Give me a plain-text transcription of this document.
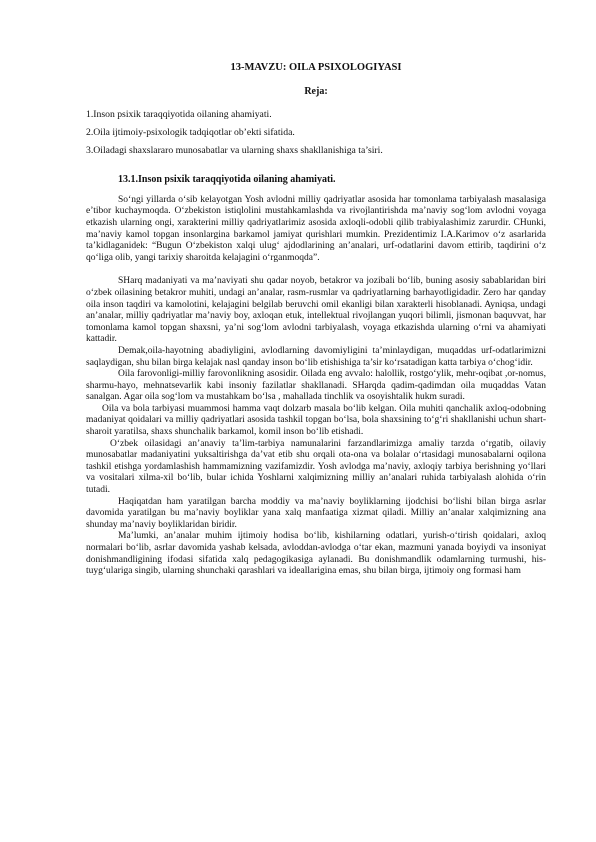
13-MAVZU: OILA PSIXOLOGIYASI
Reja:
1.Inson psixik taraqqiyotida oilaning ahamiyati.
2.Oila ijtimoiy-psixologik tadqiqotlar ob’ekti sifatida.
3.Oiladagi shaxslararo munosabatlar va ularning shaxs shakllanishiga ta’siri.
13.1.Inson psixik taraqqiyotida oilaning ahamiyati.

So‘ngi yillarda o‘sib kelayotgan Yosh avlodni milliy qadriyatlar asosida har tomonlama tarbiyalash masalasiga e’tibor kuchaymoqda. O‘zbekiston istiqlolini mustahkamlashda va rivojlantirishda ma’naviy sog‘lom avlodni voyaga etkazish ularning ongi, xarakterini milliy qadriyatlarimiz asosida axloqli-odobli qilib trabiyalashimiz zarurdir. CHunki, ma’naviy kamol topgan insonlargina barkamol jamiyat qurishlari mumkin. Prezidentimiz I.A.Karimov o‘z asarlarida ta’kidlaganidek: “Bugun O‘zbekiston xalqi ulug‘ ajdodlarining an’analari, urf-odatlarini davom ettirib, taqdirini o‘z qo‘liga olib, yangi tarixiy sharoitda kelajagini o‘rganmoqda”.

SHarq madaniyati va ma’naviyati shu qadar noyob, betakror va jozibali bo‘lib, buning asosiy sabablaridan biri o‘zbek oilasining betakror muhiti, undagi an’analar, rasm-rusmlar va qadriyatlarning barhayotligidadir. Zero har qanday oila inson taqdiri va kamolotini, kelajagini belgilab beruvchi omil ekanligi bilan xarakterli hisoblanadi. Ayniqsa, undagi an’analar, milliy qadriyatlar ma’naviy boy, axloqan etuk, intellektual rivojlangan yuqori bilimli, jismonan baquvvat, har tomonlama kamol topgan shaxsni, ya’ni sog‘lom avlodni tarbiyalash, voyaga etkazishda ularning o‘rni va ahamiyati kattadir.

Demak,oila-hayotning abadiyligini, avlodlarning davomiyligini ta’minlaydigan, muqaddas urf-odatlarimizni saqlaydigan, shu bilan birga kelajak nasl qanday inson bo‘lib etishishiga ta’sir ko‘rsatadigan katta tarbiya o‘chog‘idir.

Oila farovonligi-milliy farovonlikning asosidir. Oilada eng avvalo: halollik, rostgo‘ylik, mehr-oqibat ,or-nomus, sharmu-hayo, mehnatsevarlik kabi insoniy fazilatlar shakllanadi. SHarqda qadim-qadimdan oila muqaddas Vatan sanalgan. Agar oila sog‘lom va mustahkam bo‘lsa , mahallada tinchlik va osoyishtalik hukm suradi.

Oila va bola tarbiyasi muammosi hamma vaqt dolzarb masala bo‘lib kelgan. Oila muhiti qanchalik axloq-odobning madaniyat qoidalari va milliy qadriyatlari asosida tashkil topgan bo‘lsa, bola shaxsining to‘g‘ri shakllanishi uchun shart-sharoit yaratilsa, shaxs shunchalik barkamol, komil inson bo‘lib etishadi.

O‘zbek oilasidagi an’anaviy ta’lim-tarbiya namunalarini farzandlarimizga amaliy tarzda o‘rgatib, oilaviy munosabatlar madaniyatini yuksaltirishga da’vat etib shu orqali ota-ona va bolalar o‘rtasidagi munosabalarni oqilona tashkil etishga yordamlashish hammamizning vazifamizdir. Yosh avlodga ma’naviy, axloqiy tarbiya berishning yo‘llari va vositalari xilma-xil bo‘lib, bular ichida Yoshlarni xalqimizning milliy an’analari ruhida tarbiyalash alohida o‘rin tutadi.

Haqiqatdan ham yaratilgan barcha moddiy va ma’naviy boyliklarning ijodchisi bo‘lishi bilan birga asrlar davomida yaratilgan bu ma’naviy boyliklar yana xalq manfaatiga xizmat qiladi. Milliy an’analar xalqimizning ana shunday ma’naviy boyliklaridan biridir.

Ma’lumki, an’analar muhim ijtimoiy hodisa bo‘lib, kishilarning odatlari, yurish-o‘tirish qoidalari, axloq normalari bo‘lib, asrlar davomida yashab kelsada, avloddan-avlodga o‘tar ekan, mazmuni yanada boyiydi va insoniyat donishmandligining ifodasi sifatida xalq pedagogikasiga aylanadi. Bu donishmandlik odamlarning turmushi, his-tuyg‘ulariga singib, ularning shunchaki qarashlari va ideallarigina emas, shu bilan birga, ijtimoiy ong formasi ham
